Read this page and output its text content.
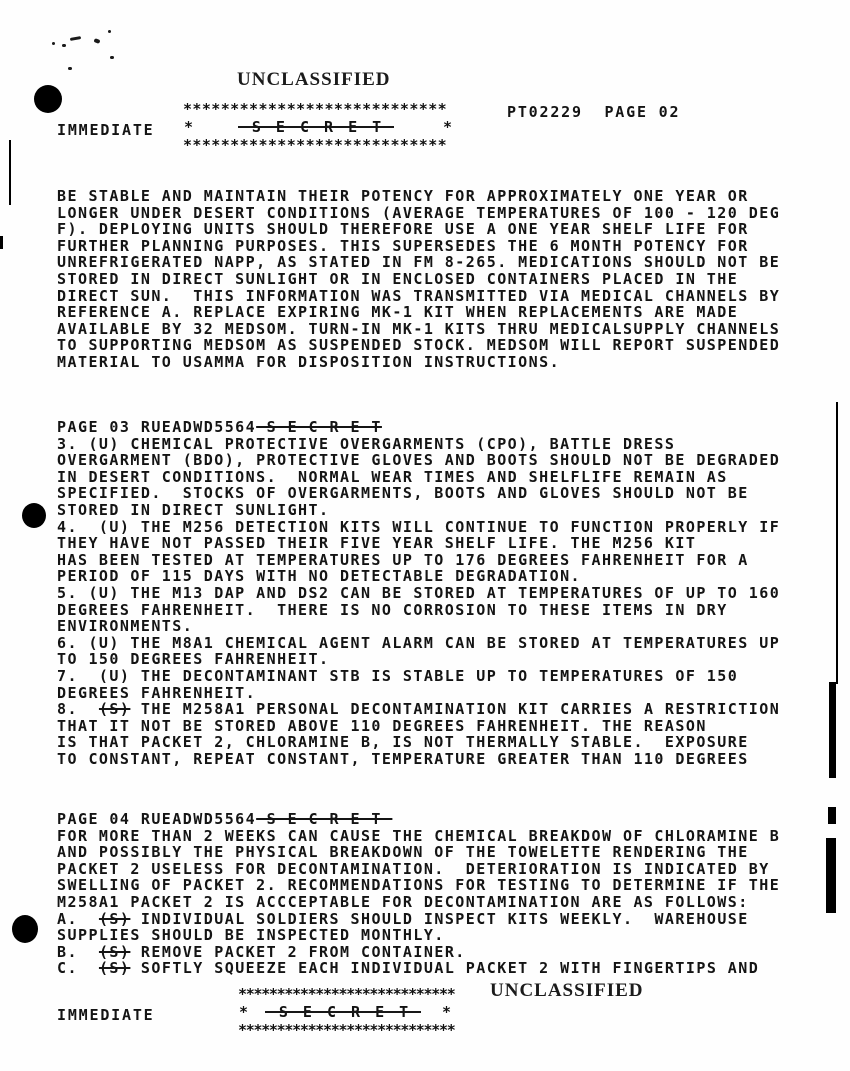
UNCLASSIFIED
PT02229  PAGE 02
IMMEDIATE
****************************
*	S E C R E T	*
****************************
BE STABLE AND MAINTAIN THEIR POTENCY FOR APPROXIMATELY ONE YEAR OR
LONGER UNDER DESERT CONDITIONS (AVERAGE TEMPERATURES OF 100 - 120 DEG
F). DEPLOYING UNITS SHOULD THEREFORE USE A ONE YEAR SHELF LIFE FOR
FURTHER PLANNING PURPOSES. THIS SUPERSEDES THE 6 MONTH POTENCY FOR
UNREFRIGERATED NAPP, AS STATED IN FM 8-265. MEDICATIONS SHOULD NOT BE
STORED IN DIRECT SUNLIGHT OR IN ENCLOSED CONTAINERS PLACED IN THE
DIRECT SUN.  THIS INFORMATION WAS TRANSMITTED VIA MEDICAL CHANNELS BY
REFERENCE A. REPLACE EXPIRING MK-1 KIT WHEN REPLACEMENTS ARE MADE
AVAILABLE BY 32 MEDSOM. TURN-IN MK-1 KITS THRU MEDICALSUPPLY CHANNELS
TO SUPPORTING MEDSOM AS SUSPENDED STOCK. MEDSOM WILL REPORT SUSPENDED
MATERIAL TO USAMMA FOR DISPOSITION INSTRUCTIONS.
PAGE 03 RUEADWD5564 S E C R E T
3. (U) CHEMICAL PROTECTIVE OVERGARMENTS (CPO), BATTLE DRESS
OVERGARMENT (BDO), PROTECTIVE GLOVES AND BOOTS SHOULD NOT BE DEGRADED
IN DESERT CONDITIONS.  NORMAL WEAR TIMES AND SHELFLIFE REMAIN AS
SPECIFIED.  STOCKS OF OVERGARMENTS, BOOTS AND GLOVES SHOULD NOT BE
STORED IN DIRECT SUNLIGHT.
4.  (U) THE M256 DETECTION KITS WILL CONTINUE TO FUNCTION PROPERLY IF
THEY HAVE NOT PASSED THEIR FIVE YEAR SHELF LIFE. THE M256 KIT
HAS BEEN TESTED AT TEMPERATURES UP TO 176 DEGREES FAHRENHEIT FOR A
PERIOD OF 115 DAYS WITH NO DETECTABLE DEGRADATION.
5. (U) THE M13 DAP AND DS2 CAN BE STORED AT TEMPERATURES OF UP TO 160
DEGREES FAHRENHEIT.  THERE IS NO CORROSION TO THESE ITEMS IN DRY
ENVIRONMENTS.
6. (U) THE M8A1 CHEMICAL AGENT ALARM CAN BE STORED AT TEMPERATURES UP
TO 150 DEGREES FAHRENHEIT.
7.  (U) THE DECONTAMINANT STB IS STABLE UP TO TEMPERATURES OF 150
DEGREES FAHRENHEIT.
8.  (S) THE M258A1 PERSONAL DECONTAMINATION KIT CARRIES A RESTRICTION
THAT IT NOT BE STORED ABOVE 110 DEGREES FAHRENHEIT. THE REASON
IS THAT PACKET 2, CHLORAMINE B, IS NOT THERMALLY STABLE.  EXPOSURE
TO CONSTANT, REPEAT CONSTANT, TEMPERATURE GREATER THAN 110 DEGREES
PAGE 04 RUEADWD5564 S E C R E T
FOR MORE THAN 2 WEEKS CAN CAUSE THE CHEMICAL BREAKDOW OF CHLORAMINE B
AND POSSIBLY THE PHYSICAL BREAKDOWN OF THE TOWELETTE RENDERING THE
PACKET 2 USELESS FOR DECONTAMINATION.  DETERIORATION IS INDICATED BY
SWELLING OF PACKET 2. RECOMMENDATIONS FOR TESTING TO DETERMINE IF THE
M258A1 PACKET 2 IS ACCCEPTABLE FOR DECONTAMINATION ARE AS FOLLOWS:
A.  (S) INDIVIDUAL SOLDIERS SHOULD INSPECT KITS WEEKLY.  WAREHOUSE
SUPPLIES SHOULD BE INSPECTED MONTHLY.
B.  (S) REMOVE PACKET 2 FROM CONTAINER.
C.  (S) SOFTLY SQUEEZE EACH INDIVIDUAL PACKET 2 WITH FINGERTIPS AND
UNCLASSIFIED
IMMEDIATE
****************************
* S E C R E T *
****************************
